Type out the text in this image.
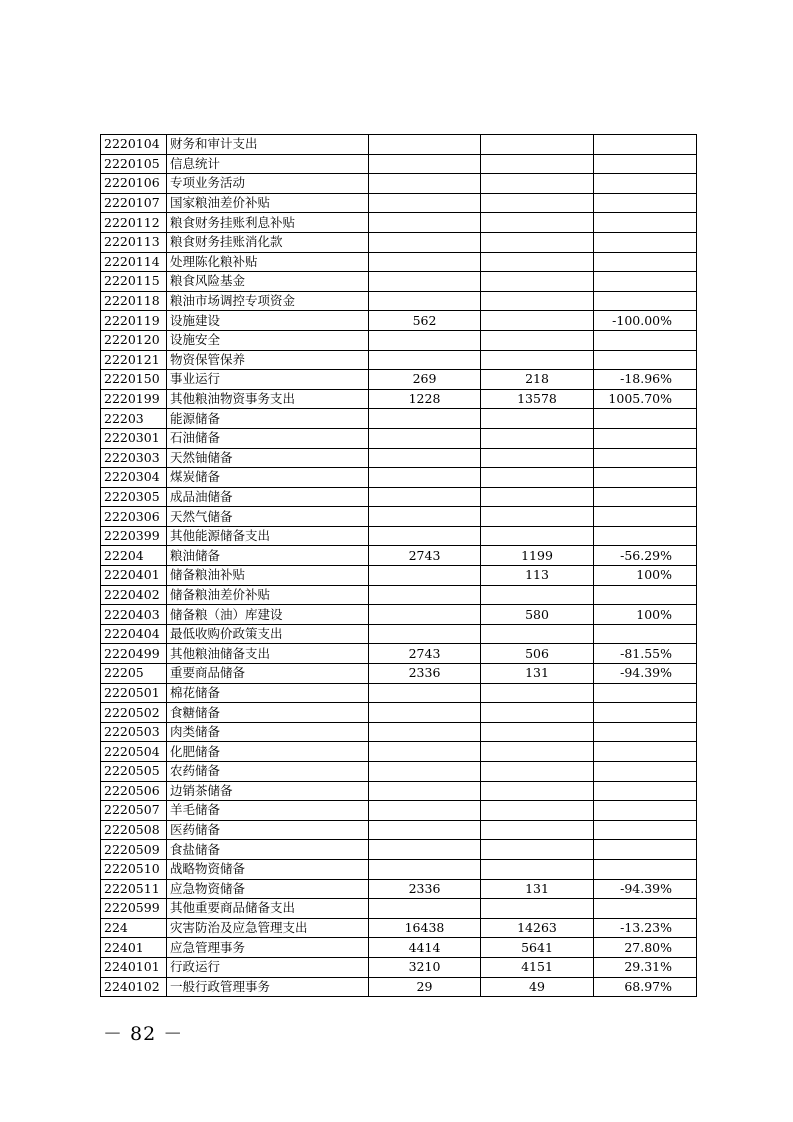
2220104	财务和审计支出			
2220105	信息统计			
2220106	专项业务活动			
2220107	国家粮油差价补贴			
2220112	粮食财务挂账利息补贴			
2220113	粮食财务挂账消化款			
2220114	处理陈化粮补贴			
2220115	粮食风险基金			
2220118	粮油市场调控专项资金			
2220119	设施建设	562		-100.00%
2220120	设施安全			
2220121	物资保管保养			
2220150	事业运行	269	218	-18.96%
2220199	其他粮油物资事务支出	1228	13578	1005.70%
22203	能源储备			
2220301	石油储备			
2220303	天然铀储备			
2220304	煤炭储备			
2220305	成品油储备			
2220306	天然气储备			
2220399	其他能源储备支出			
22204	粮油储备	2743	1199	-56.29%
2220401	储备粮油补贴		113	100%
2220402	储备粮油差价补贴			
2220403	储备粮（油）库建设		580	100%
2220404	最低收购价政策支出			
2220499	其他粮油储备支出	2743	506	-81.55%
22205	重要商品储备	2336	131	-94.39%
2220501	棉花储备			
2220502	食糖储备			
2220503	肉类储备			
2220504	化肥储备			
2220505	农药储备			
2220506	边销茶储备			
2220507	羊毛储备			
2220508	医药储备			
2220509	食盐储备			
2220510	战略物资储备			
2220511	应急物资储备	2336	131	-94.39%
2220599	其他重要商品储备支出			
224	灾害防治及应急管理支出	16438	14263	-13.23%
22401	应急管理事务	4414	5641	27.80%
2240101	行政运行	3210	4151	29.31%
2240102	一般行政管理事务	29	49	68.97%
－ 82 －
